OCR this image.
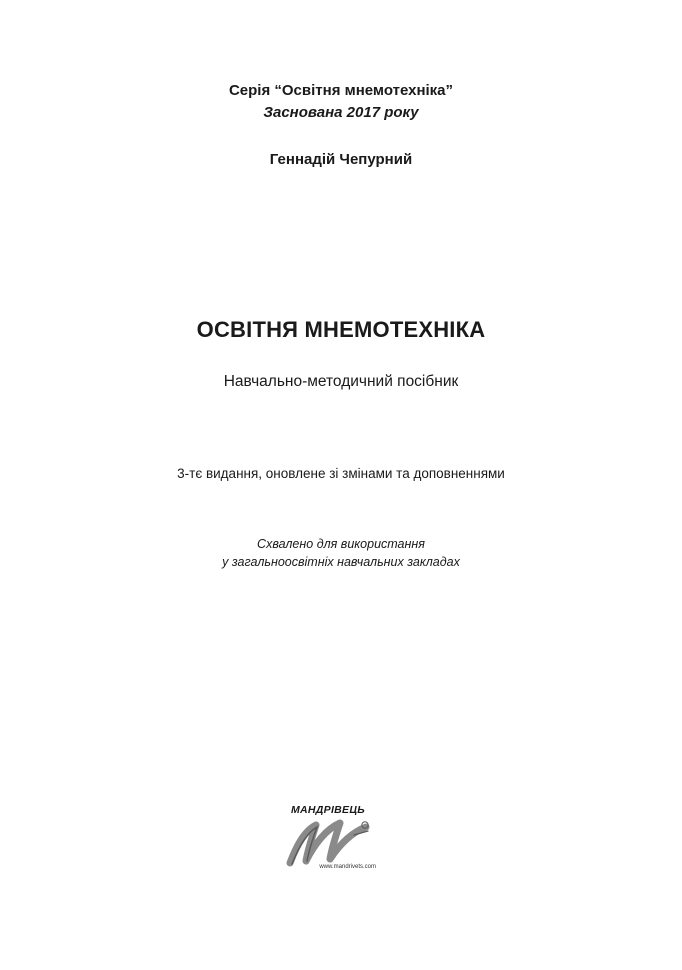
Серія “Освітня мнемотехніка”
Заснована 2017 року
Геннадій Чепурний
ОСВІТНЯ МНЕМОТЕХНІКА
Навчально-методичний посібник
3-тє видання, оновлене зі змінами та доповненнями
Схвалено для використання
у загальноосвітніх навчальних закладах
МАНДРІВЕЦЬ
www.mandrivets.com
